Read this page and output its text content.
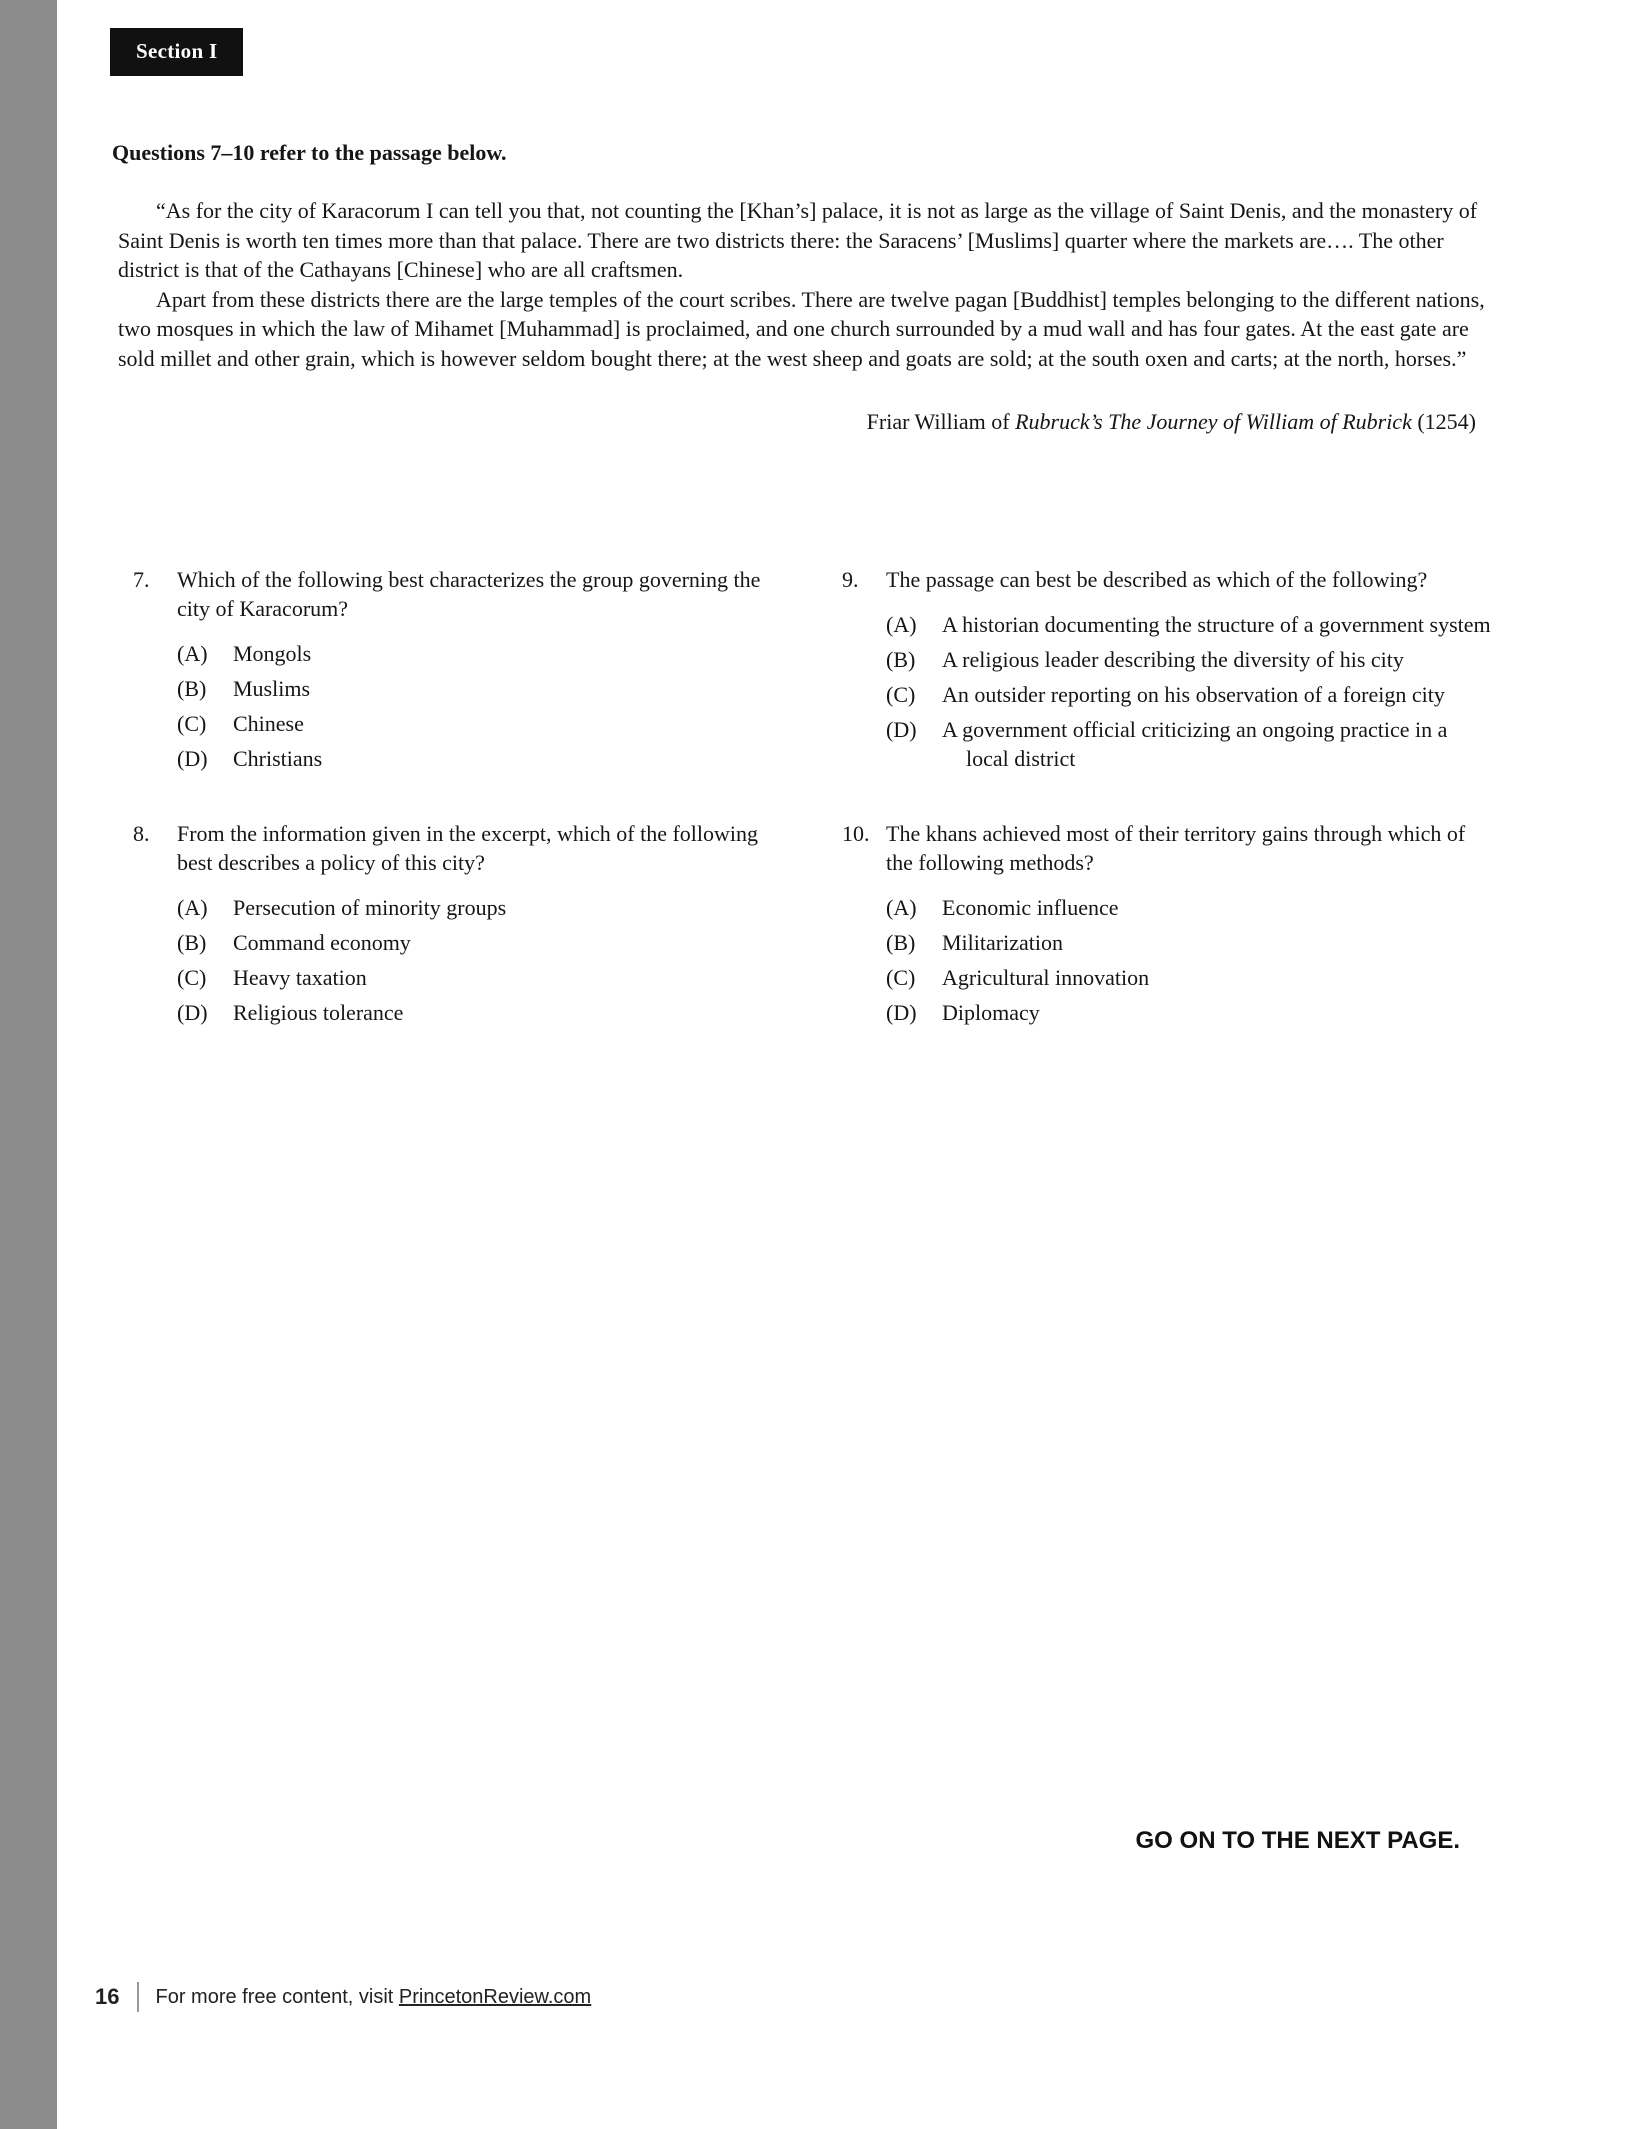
Section I
Questions 7–10 refer to the passage below.

“As for the city of Karacorum I can tell you that, not counting the [Khan’s] palace, it is not as large as the village of Saint Denis, and the monastery of Saint Denis is worth ten times more than that palace. There are two districts there: the Saracens’ [Muslims] quarter where the markets are…. The other district is that of the Cathayans [Chinese] who are all craftsmen.

Apart from these districts there are the large temples of the court scribes. There are twelve pagan [Buddhist] temples belonging to the different nations, two mosques in which the law of Mihamet [Muhammad] is proclaimed, and one church surrounded by a mud wall and has four gates. At the east gate are sold millet and other grain, which is however seldom bought there; at the west sheep and goats are sold; at the south oxen and carts; at the north, horses.”

Friar William of Rubruck’s The Journey of William of Rubrick (1254)
7.	Which of the following best characterizes the group governing the city of Karacorum?

(A)	Mongols
(B)	Muslims
(C)	Chinese
(D)	Christians
8.	From the information given in the excerpt, which of the following best describes a policy of this city?

(A)	Persecution of minority groups
(B)	Command economy
(C)	Heavy taxation
(D)	Religious tolerance
9.	The passage can best be described as which of the following?

(A)	A historian documenting the structure of a government system
(B)	A religious leader describing the diversity of his city
(C)	An outsider reporting on his observation of a foreign city
(D)	A government official criticizing an ongoing practice in a local district
10. The khans achieved most of their territory gains through which of the following methods?

(A)	Economic influence
(B)	Militarization
(C)	Agricultural innovation
(D)	Diplomacy
GO ON TO THE NEXT PAGE.
16 For more free content, visit PrincetonReview.com
